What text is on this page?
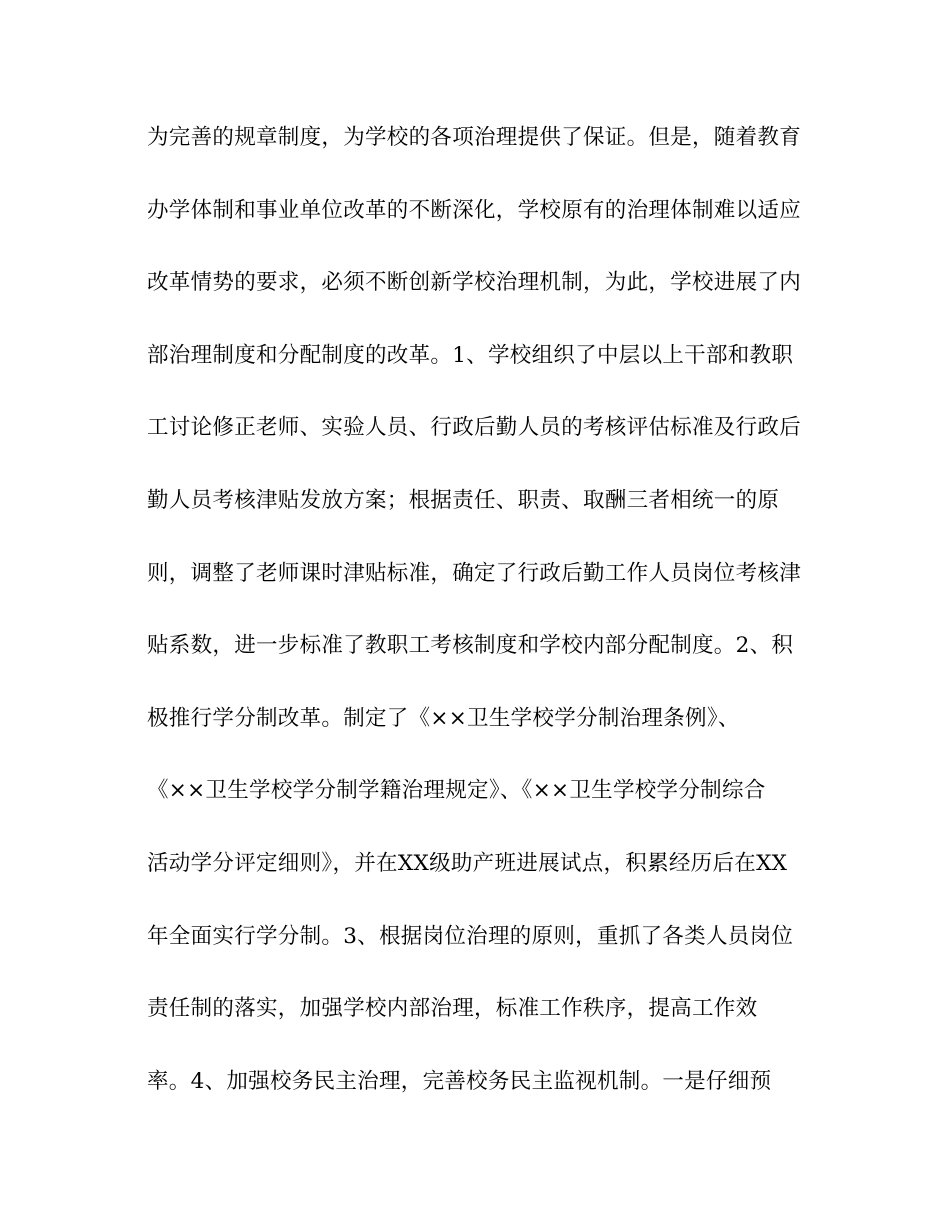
为完善的规章制度，为学校的各项治理提供了保证。但是，随着教育
办学体制和事业单位改革的不断深化，学校原有的治理体制难以适应
改革情势的要求，必须不断创新学校治理机制，为此，学校进展了内
部治理制度和分配制度的改革。1、学校组织了中层以上干部和教职
工讨论修正老师、实验人员、行政后勤人员的考核评估标准及行政后
勤人员考核津贴发放方案；根据责任、职责、取酬三者相统一的原
则，调整了老师课时津贴标准，确定了行政后勤工作人员岗位考核津
贴系数，进一步标准了教职工考核制度和学校内部分配制度。2、积
极推行学分制改革。制定了《××卫生学校学分制治理条例》、
《××卫生学校学分制学籍治理规定》、《××卫生学校学分制综合
活动学分评定细则》，并在XX级助产班进展试点，积累经历后在XX
年全面实行学分制。3、根据岗位治理的原则，重抓了各类人员岗位
责任制的落实，加强学校内部治理，标准工作秩序，提高工作效
率。4、加强校务民主治理，完善校务民主监视机制。一是仔细预
